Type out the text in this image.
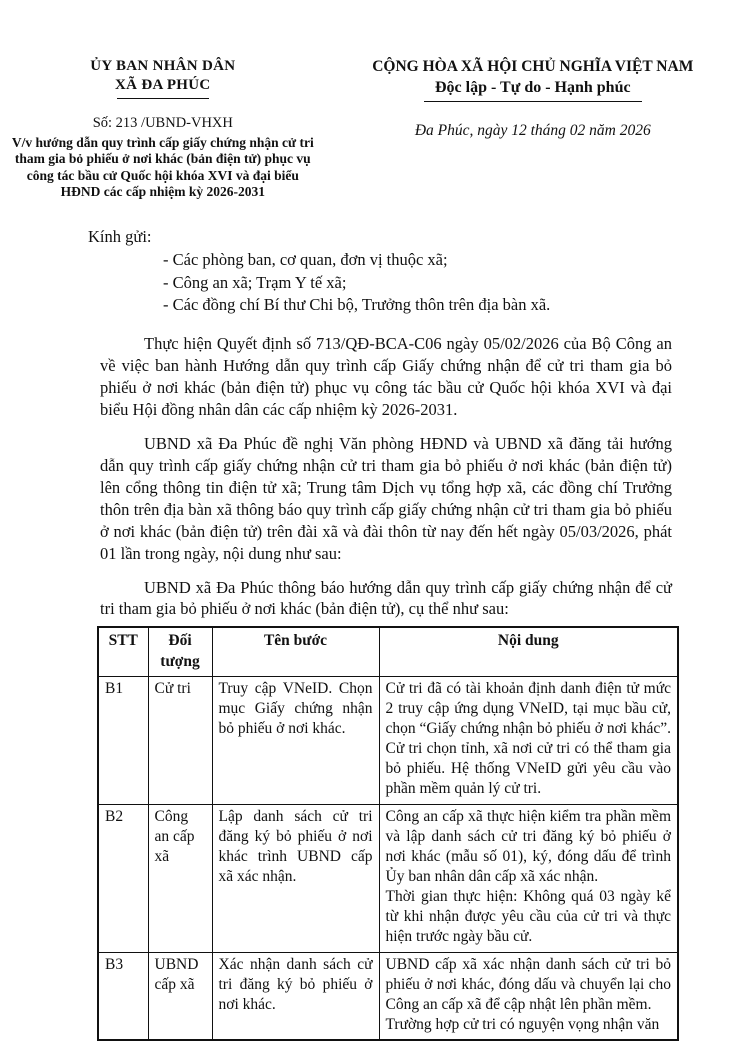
ỦY BAN NHÂN DÂN
XÃ ĐA PHÚC
Số: 213 /UBND-VHXH
V/v hướng dẫn quy trình cấp giấy chứng nhận cử tri tham gia bỏ phiếu ở nơi khác (bản điện tử) phục vụ công tác bầu cử Quốc hội khóa XVI và đại biểu HĐND các cấp nhiệm kỳ 2026-2031
CỘNG HÒA XÃ HỘI CHỦ NGHĨA VIỆT NAM
Độc lập - Tự do - Hạnh phúc
Đa Phúc, ngày 12 tháng 02 năm 2026
Kính gửi:
- Các phòng ban, cơ quan, đơn vị thuộc xã;
- Công an xã; Trạm Y tế xã;
- Các đồng chí Bí thư Chi bộ, Trưởng thôn trên địa bàn xã.

Thực hiện Quyết định số 713/QĐ-BCA-C06 ngày 05/02/2026 của Bộ Công an về việc ban hành Hướng dẫn quy trình cấp Giấy chứng nhận để cử tri tham gia bỏ phiếu ở nơi khác (bản điện tử) phục vụ công tác bầu cử Quốc hội khóa XVI và đại biểu Hội đồng nhân dân các cấp nhiệm kỳ 2026-2031.

UBND xã Đa Phúc đề nghị Văn phòng HĐND và UBND xã đăng tải hướng dẫn quy trình cấp giấy chứng nhận cử tri tham gia bỏ phiếu ở nơi khác (bản điện tử) lên cổng thông tin điện tử xã; Trung tâm Dịch vụ tổng hợp xã, các đồng chí Trưởng thôn trên địa bàn xã thông báo quy trình cấp giấy chứng nhận cử tri tham gia bỏ phiếu ở nơi khác (bản điện tử) trên đài xã và đài thôn từ nay đến hết ngày 05/03/2026, phát 01 lần trong ngày, nội dung như sau:

UBND xã Đa Phúc thông báo hướng dẫn quy trình cấp giấy chứng nhận để cử tri tham gia bỏ phiếu ở nơi khác (bản điện tử), cụ thể như sau:

STT	Đối tượng	Tên bước	Nội dung
B1	Cử tri	Truy cập VNeID. Chọn mục Giấy chứng nhận bỏ phiếu ở nơi khác.	Cử tri đã có tài khoản định danh điện tử mức 2 truy cập ứng dụng VNeID, tại mục bầu cử, chọn “Giấy chứng nhận bỏ phiếu ở nơi khác”. Cử tri chọn tỉnh, xã nơi cử tri có thể tham gia bỏ phiếu. Hệ thống VNeID gửi yêu cầu vào phần mềm quản lý cử tri.

B2	Công an cấp xã	Lập danh sách cử tri đăng ký bỏ phiếu ở nơi khác trình UBND cấp xã xác nhận.	Công an cấp xã thực hiện kiểm tra phần mềm và lập danh sách cử tri đăng ký bỏ phiếu ở nơi khác (mẫu số 01), ký, đóng dấu để trình Ủy ban nhân dân cấp xã xác nhận.

Thời gian thực hiện: Không quá 03 ngày kể từ khi nhận được yêu cầu của cử tri và thực hiện trước ngày bầu cử.

B3	UBND cấp xã	Xác nhận danh sách cử tri đăng ký bỏ phiếu ở nơi khác.	UBND cấp xã xác nhận danh sách cử tri bỏ phiếu ở nơi khác, đóng dấu và chuyển lại cho Công an cấp xã để cập nhật lên phần mềm.

Trường hợp cử tri có nguyện vọng nhận văn
